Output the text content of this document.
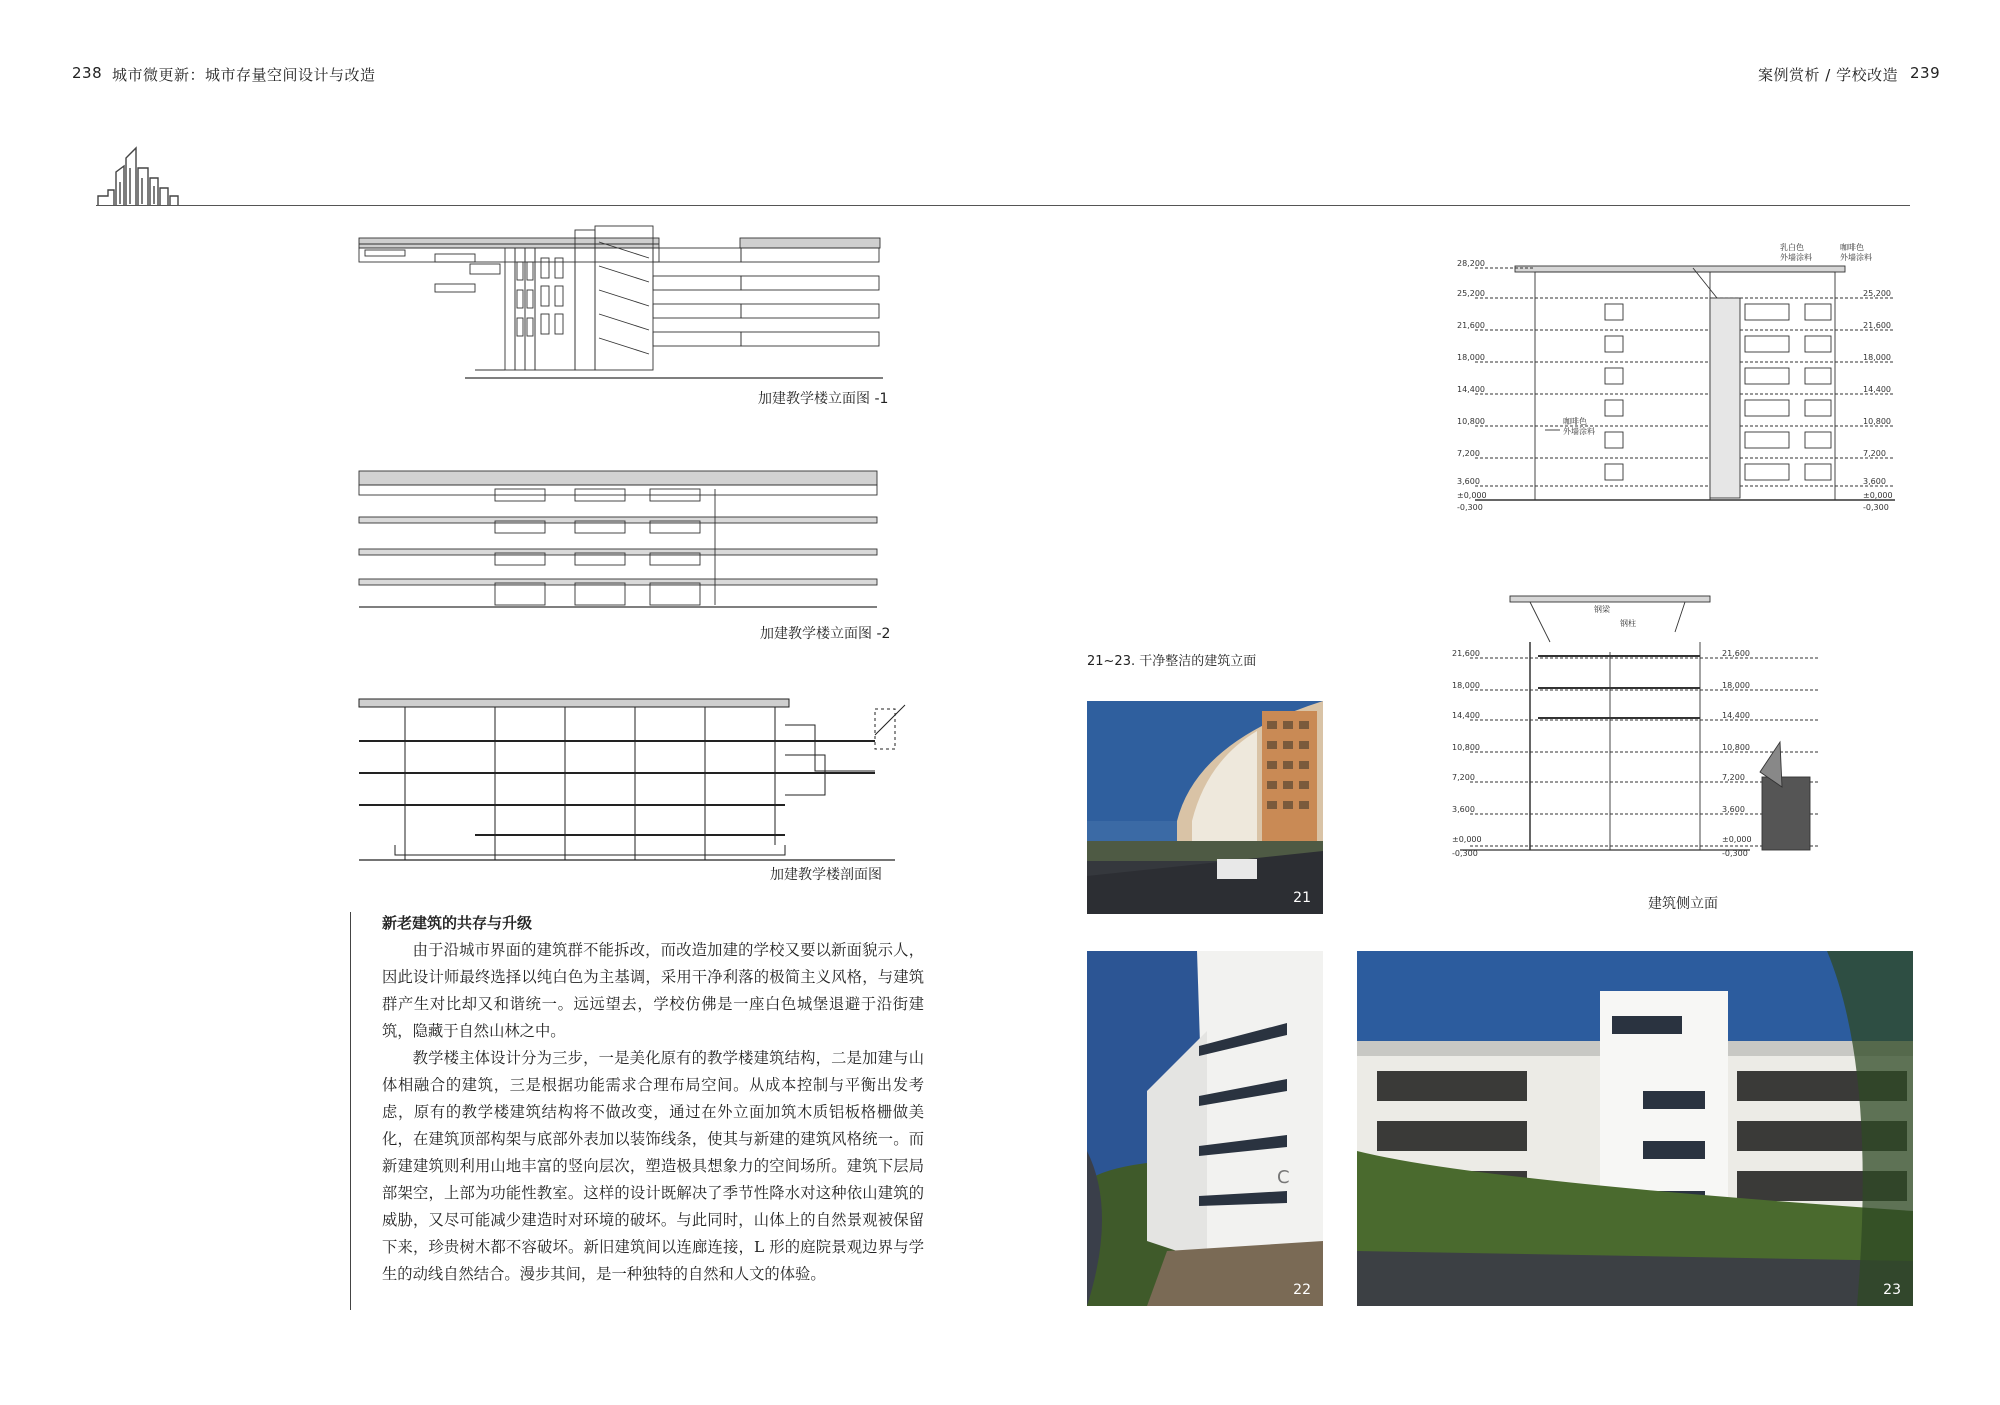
238 城市微更新：城市存量空间设计与改造	案例赏析 / 学校改造 239
加建教学楼立面图 -1
加建教学楼立面图 -2
加建教学楼剖面图
新老建筑的共存与升级

由于沿城市界面的建筑群不能拆改，而改造加建的学校又要以新面貌示人，因此设计师最终选择以纯白色为主基调，采用干净利落的极简主义风格，与建筑群产生对比却又和谐统一。远远望去，学校仿佛是一座白色城堡退避于沿街建筑，隐藏于自然山林之中。

教学楼主体设计分为三步，一是美化原有的教学楼建筑结构，二是加建与山体相融合的建筑，三是根据功能需求合理布局空间。从成本控制与平衡出发考虑，原有的教学楼建筑结构将不做改变，通过在外立面加筑木质铝板格栅做美化，在建筑顶部构架与底部外表加以装饰线条，使其与新建的建筑风格统一。而新建建筑则利用山地丰富的竖向层次，塑造极具想象力的空间场所。建筑下层局部架空，上部为功能性教室。这样的设计既解决了季节性降水对这种依山建筑的威胁，又尽可能减少建造时对环境的破坏。与此同时，山体上的自然景观被保留下来，珍贵树木都不容破坏。新旧建筑间以连廊连接，L 形的庭院景观边界与学生的动线自然结合。漫步其间，是一种独特的自然和人文的体验。

28,200
25,200
21,600
18,000
14,400
10,800
7,200
3,600
±0,000
-0,300
25,200
21,600
18,000
14,400
10,800
7,200
3,600
±0,000
-0,300
乳白色
外墙涂料
咖啡色
外墙涂料
咖啡色
外墙涂料
21~23. 干净整洁的建筑立面
21
21,600
18,000
14,400
10,800
7,200
3,600
±0,000
-0,300
21,600
18,000
14,400
10,800
7,200
3,600
±0,000
-0,300
钢梁
钢柱
建筑侧立面
C
22	23
